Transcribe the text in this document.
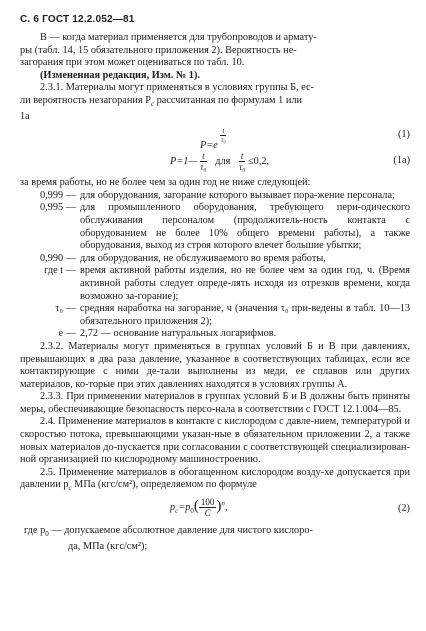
С. 6 ГОСТ 12.2.052—81

В — когда материал применяется для трубопроводов и армату-

ры (табл. 14, 15 обязательного приложения 2). Вероятность не-

загорания при этом может оцениваться по табл. 10.

(Измененная редакция, Изм. № 1).

2.3.1. Материалы могут применяться в условиях группы Б, ес-

ли вероятность незагорания $P_c$ рассчитанная по формулам 1 или

1а

P=e
$\frac{t}{\text{τ₀}}$	(1)
P=1— $\frac{t}{\text{τ₀}}$ для $\frac{t}{\text{τ₀}} \le 0,2$,	(1а)

за время работы, но не более чем за один год не ниже следующей:

0,999 — для оборудования, загорание которого вызывает пора-жение персонала;
0,995 — для промышленного оборудования, требующего пери-одического обслуживания персоналом (продолжитель-ность контакта с оборудованием не более 10% общего времени работы), а также оборудования, выход из строя которого влечет большие убытки;
0,990 — для оборудования, не обслуживаемого во время работы,
где t — время активной работы изделия, но не более чем за один год, ч. (Время активной работы следует опреде-лять исходя из отрезков времени, когда возможно за-горание);
τ₀ — средняя наработка на загорание, ч (значения τ₀ при-ведены в табл. 10—13 обязательного приложения 2);
e — 2,72 — основание натуральных логарифмов.

2.3.2. Материалы могут применяться в группах условий Б и В при давлениях, превышающих в два раза давление, указанное в соответствующих таблицах, если все контактирующие с ними де-тали выполнены из меди, ее сплавов или других материалов, ко-торые при этих давлениях находятся в условиях группы А.

2.3.3. При применении материалов в группах условий Б и В должны быть приняты меры, обеспечивающие безопасность персо-нала в соответствии с ГОСТ 12.1.004—85.

2.4. Применение материалов в контакте с кислородом с давле-нием, температурой и скоростью потока, превышающими указан-ные в обязательном приложении 2, а также новых материалов до-пускается при согласовании с соответствующей специализирован-ной организацией по кислородному машиностроению.

2.5. Применение материалов в обогащенном кислородом возду-хе допускается при давлении $p_c$ МПа (кгс/см²), определяемом по формуле

$p_c=p_0( \frac{100}{C} )^n$,	(2)

где $p_0$ — допускаемое абсолютное давление для чистого кислоро-

да, МПа (кгс/см²);
